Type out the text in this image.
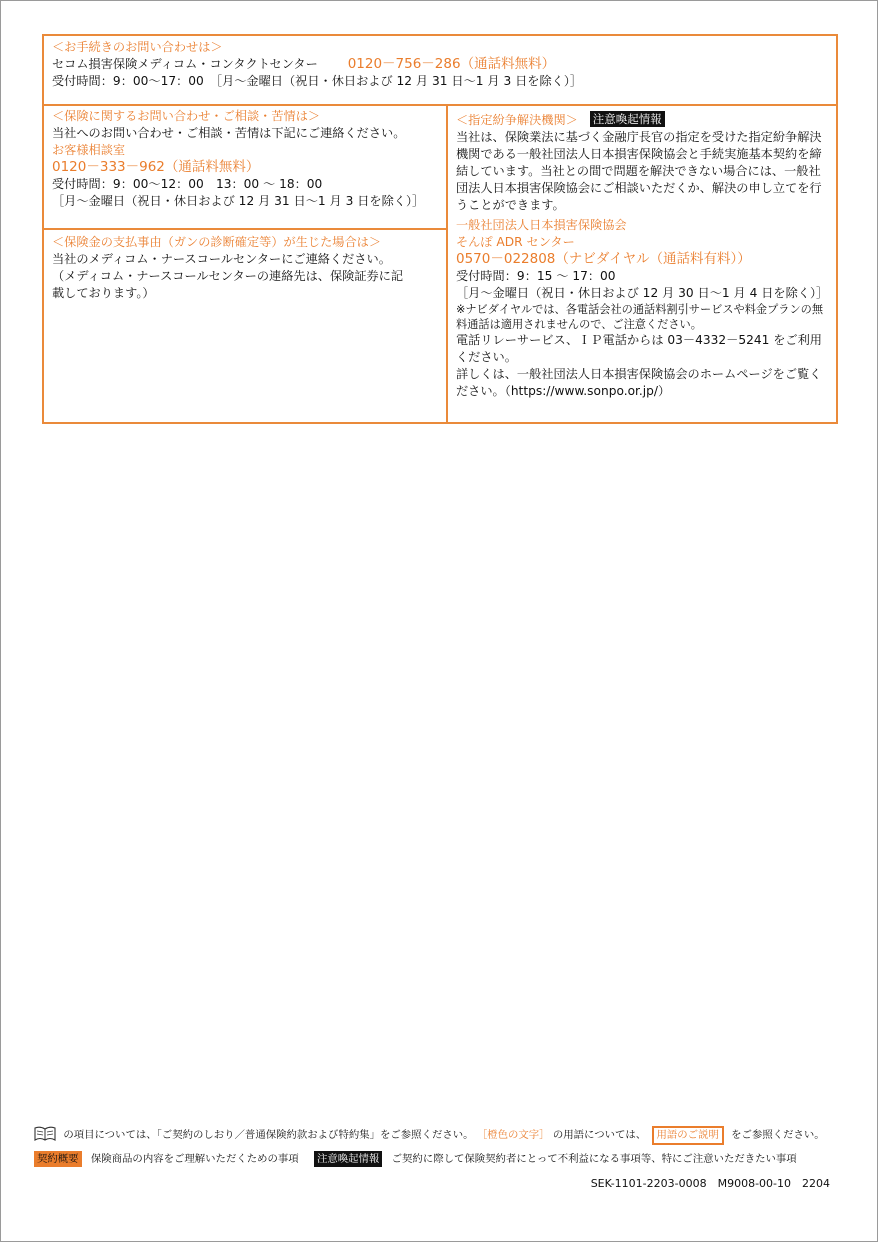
＜お手続きのお問い合わせは＞
セコム損害保険メディコム・コンタクトセンター 0120－756－286（通話料無料）
受付時間：9：00～17：00　［月～金曜日（祝日・休日および 12 月 31 日～1 月 3 日を除く）］
＜保険に関するお問い合わせ・ご相談・苦情は＞
当社へのお問い合わせ・ご相談・苦情は下記にご連絡ください。
お客様相談室
0120－333－962（通話料無料）
受付時間：9：00～12：00　13：00 ～ 18：00
［月～金曜日（祝日・休日および 12 月 31 日～1 月 3 日を除く）］
＜保険金の支払事由（ガンの診断確定等）が生じた場合は＞
当社のメディコム・ナースコールセンターにご連絡ください。
（メディコム・ナースコールセンターの連絡先は、保険証券に記
載しております。）
＜指定紛争解決機関＞ 注意喚起情報
当社は、保険業法に基づく金融庁長官の指定を受けた指定紛争解決機関である一般社団法人日本損害保険協会と手続実施基本契約を締結しています。当社との間で問題を解決できない場合には、一般社団法人日本損害保険協会にご相談いただくか、解決の申し立てを行うことができます。
一般社団法人日本損害保険協会
そんぽ ADR センター
0570－022808（ナビダイヤル（通話料有料））
受付時間：9：15 ～ 17：00
［月～金曜日（祝日・休日および 12 月 30 日～1 月 4 日を除く）］
※ナビダイヤルでは、各電話会社の通話料割引サービスや料金プランの無料通話は適用されませんので、ご注意ください。
電話リレーサービス、ＩＰ電話からは 03－4332－5241 をご利用ください。
詳しくは、一般社団法人日本損害保険協会のホームページをご覧ください。（https://www.sonpo.or.jp/）
の項目については、「ご契約のしおり／普通保険約款および特約集」をご参照ください。 ［橙色の文字］ の用語については、 用語のご説明 をご参照ください。
契約概要 保険商品の内容をご理解いただくための事項 注意喚起情報 ご契約に際して保険契約者にとって不利益になる事項等、特にご注意いただきたい事項
SEK-1101-2203-0008　M9008-00-10　2204
